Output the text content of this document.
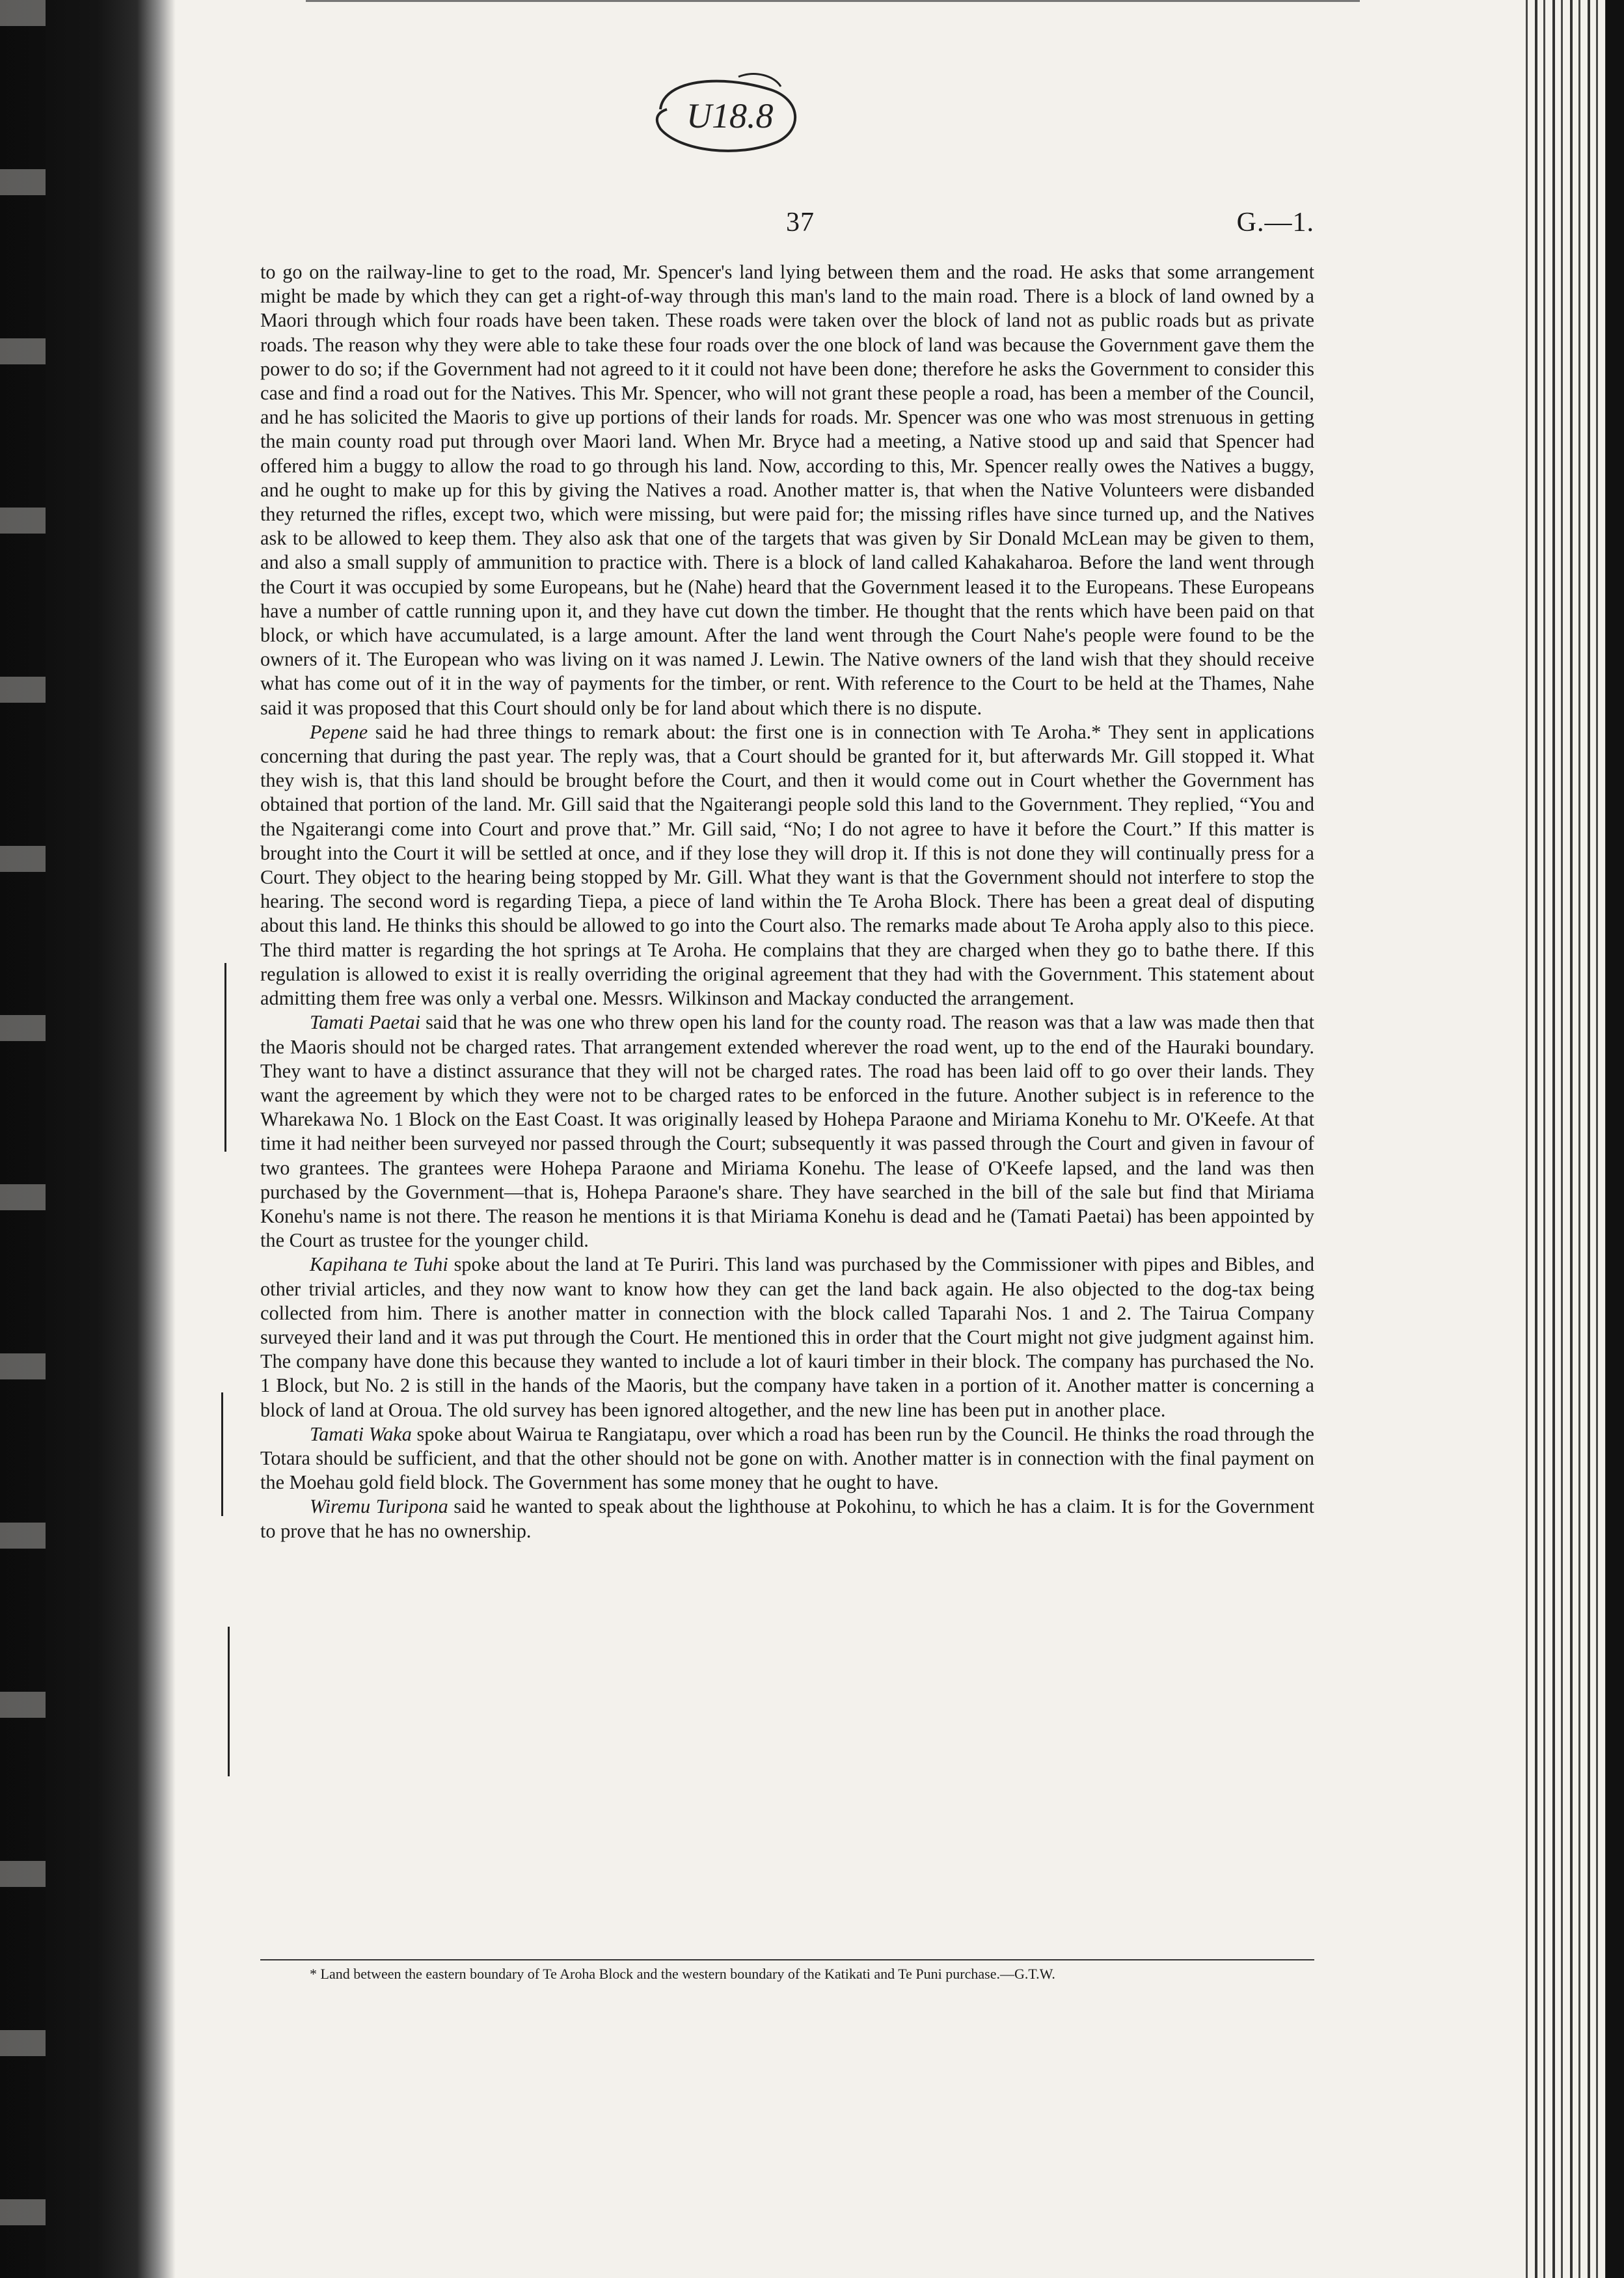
U18.8
37	G.—1.

to go on the railway-line to get to the road, Mr. Spencer's land lying between them and the road. He asks that some arrangement might be made by which they can get a right-of-way through this man's land to the main road. There is a block of land owned by a Maori through which four roads have been taken. These roads were taken over the block of land not as public roads but as private roads. The reason why they were able to take these four roads over the one block of land was because the Government gave them the power to do so; if the Government had not agreed to it it could not have been done; therefore he asks the Government to consider this case and find a road out for the Natives. This Mr. Spencer, who will not grant these people a road, has been a member of the Council, and he has solicited the Maoris to give up portions of their lands for roads. Mr. Spencer was one who was most strenuous in getting the main county road put through over Maori land. When Mr. Bryce had a meeting, a Native stood up and said that Spencer had offered him a buggy to allow the road to go through his land. Now, according to this, Mr. Spencer really owes the Natives a buggy, and he ought to make up for this by giving the Natives a road. Another matter is, that when the Native Volunteers were disbanded they returned the rifles, except two, which were missing, but were paid for; the missing rifles have since turned up, and the Natives ask to be allowed to keep them. They also ask that one of the targets that was given by Sir Donald McLean may be given to them, and also a small supply of ammunition to practice with. There is a block of land called Kahakaharoa. Before the land went through the Court it was occupied by some Europeans, but he (Nahe) heard that the Government leased it to the Europeans. These Europeans have a number of cattle running upon it, and they have cut down the timber. He thought that the rents which have been paid on that block, or which have accumulated, is a large amount. After the land went through the Court Nahe's people were found to be the owners of it. The European who was living on it was named J. Lewin. The Native owners of the land wish that they should receive what has come out of it in the way of payments for the timber, or rent. With reference to the Court to be held at the Thames, Nahe said it was proposed that this Court should only be for land about which there is no dispute.

Pepene said he had three things to remark about: the first one is in connection with Te Aroha.* They sent in applications concerning that during the past year. The reply was, that a Court should be granted for it, but afterwards Mr. Gill stopped it. What they wish is, that this land should be brought before the Court, and then it would come out in Court whether the Government has obtained that portion of the land. Mr. Gill said that the Ngaiterangi people sold this land to the Government. They replied, “You and the Ngaiterangi come into Court and prove that.” Mr. Gill said, “No; I do not agree to have it before the Court.” If this matter is brought into the Court it will be settled at once, and if they lose they will drop it. If this is not done they will continually press for a Court. They object to the hearing being stopped by Mr. Gill. What they want is that the Government should not interfere to stop the hearing. The second word is regarding Tiepa, a piece of land within the Te Aroha Block. There has been a great deal of disputing about this land. He thinks this should be allowed to go into the Court also. The remarks made about Te Aroha apply also to this piece. The third matter is regarding the hot springs at Te Aroha. He complains that they are charged when they go to bathe there. If this regulation is allowed to exist it is really overriding the original agreement that they had with the Government. This statement about admitting them free was only a verbal one. Messrs. Wilkinson and Mackay conducted the arrangement.

Tamati Paetai said that he was one who threw open his land for the county road. The reason was that a law was made then that the Maoris should not be charged rates. That arrangement extended wherever the road went, up to the end of the Hauraki boundary. They want to have a distinct assurance that they will not be charged rates. The road has been laid off to go over their lands. They want the agreement by which they were not to be charged rates to be enforced in the future. Another subject is in reference to the Wharekawa No. 1 Block on the East Coast. It was originally leased by Hohepa Paraone and Miriama Konehu to Mr. O'Keefe. At that time it had neither been surveyed nor passed through the Court; subsequently it was passed through the Court and given in favour of two grantees. The grantees were Hohepa Paraone and Miriama Konehu. The lease of O'Keefe lapsed, and the land was then purchased by the Government—that is, Hohepa Paraone's share. They have searched in the bill of the sale but find that Miriama Konehu's name is not there. The reason he mentions it is that Miriama Konehu is dead and he (Tamati Paetai) has been appointed by the Court as trustee for the younger child.

Kapihana te Tuhi spoke about the land at Te Puriri. This land was purchased by the Commissioner with pipes and Bibles, and other trivial articles, and they now want to know how they can get the land back again. He also objected to the dog-tax being collected from him. There is another matter in connection with the block called Taparahi Nos. 1 and 2. The Tairua Company surveyed their land and it was put through the Court. He mentioned this in order that the Court might not give judgment against him. The company have done this because they wanted to include a lot of kauri timber in their block. The company has purchased the No. 1 Block, but No. 2 is still in the hands of the Maoris, but the company have taken in a portion of it. Another matter is concerning a block of land at Oroua. The old survey has been ignored altogether, and the new line has been put in another place.

Tamati Waka spoke about Wairua te Rangiatapu, over which a road has been run by the Council. He thinks the road through the Totara should be sufficient, and that the other should not be gone on with. Another matter is in connection with the final payment on the Moehau gold field block. The Government has some money that he ought to have.

Wiremu Turipona said he wanted to speak about the lighthouse at Pokohinu, to which he has a claim. It is for the Government to prove that he has no ownership.

* Land between the eastern boundary of Te Aroha Block and the western boundary of the Katikati and Te Puni purchase.—G.T.W.
